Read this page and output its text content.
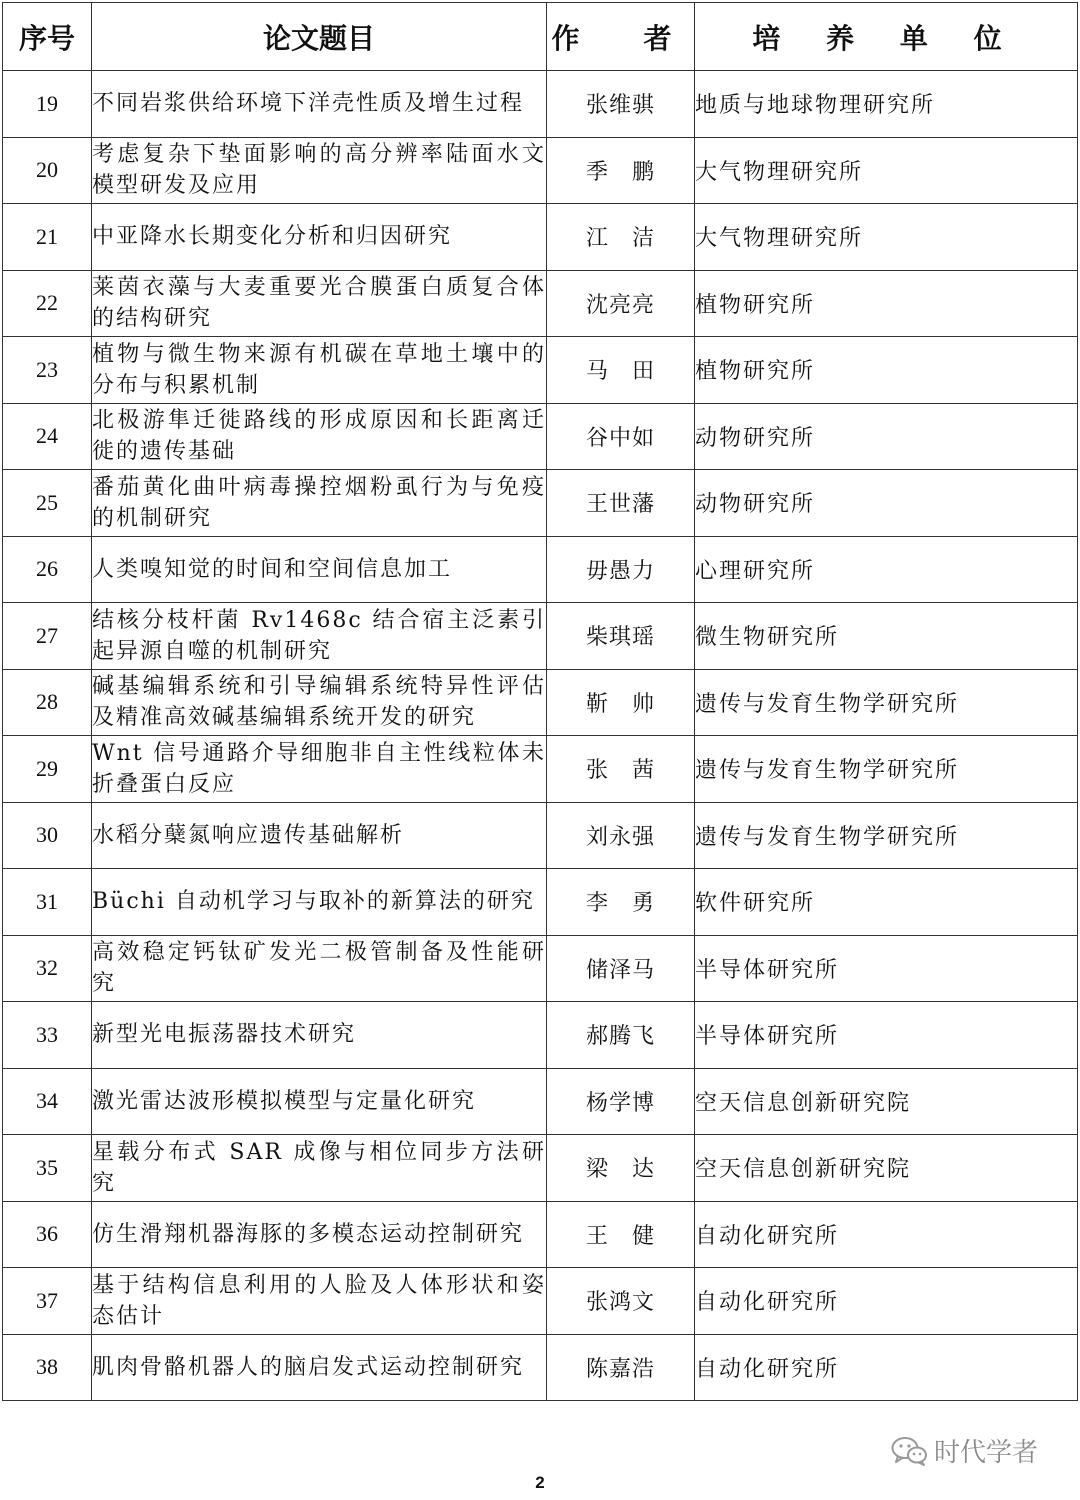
序号	论文题目	作　者	培 养 单 位
19	不同岩浆供给环境下洋壳性质及增生过程	张维骐	地质与地球物理研究所
20	考虑复杂下垫面影响的高分辨率陆面水文模型研发及应用	季　鹏	大气物理研究所
21	中亚降水长期变化分析和归因研究	江　洁	大气物理研究所
22	莱茵衣藻与大麦重要光合膜蛋白质复合体的结构研究	沈亮亮	植物研究所
23	植物与微生物来源有机碳在草地土壤中的分布与积累机制	马　田	植物研究所
24	北极游隼迁徙路线的形成原因和长距离迁徙的遗传基础	谷中如	动物研究所
25	番茄黄化曲叶病毒操控烟粉虱行为与免疫的机制研究	王世藩	动物研究所
26	人类嗅知觉的时间和空间信息加工	毋愚力	心理研究所
27	结核分枝杆菌 Rv1468c 结合宿主泛素引起异源自噬的机制研究	柴琪瑶	微生物研究所
28	碱基编辑系统和引导编辑系统特异性评估及精准高效碱基编辑系统开发的研究	靳　帅	遗传与发育生物学研究所
29	Wnt 信号通路介导细胞非自主性线粒体未折叠蛋白反应	张　茜	遗传与发育生物学研究所
30	水稻分蘖氮响应遗传基础解析	刘永强	遗传与发育生物学研究所
31	Büchi 自动机学习与取补的新算法的研究	李　勇	软件研究所
32	高效稳定钙钛矿发光二极管制备及性能研究	储泽马	半导体研究所
33	新型光电振荡器技术研究	郝腾飞	半导体研究所
34	激光雷达波形模拟模型与定量化研究	杨学博	空天信息创新研究院
35	星载分布式 SAR 成像与相位同步方法研究	梁　达	空天信息创新研究院
36	仿生滑翔机器海豚的多模态运动控制研究	王　健	自动化研究所
37	基于结构信息利用的人脸及人体形状和姿态估计	张鸿文	自动化研究所
38	肌肉骨骼机器人的脑启发式运动控制研究	陈嘉浩	自动化研究所
2
时代学者
